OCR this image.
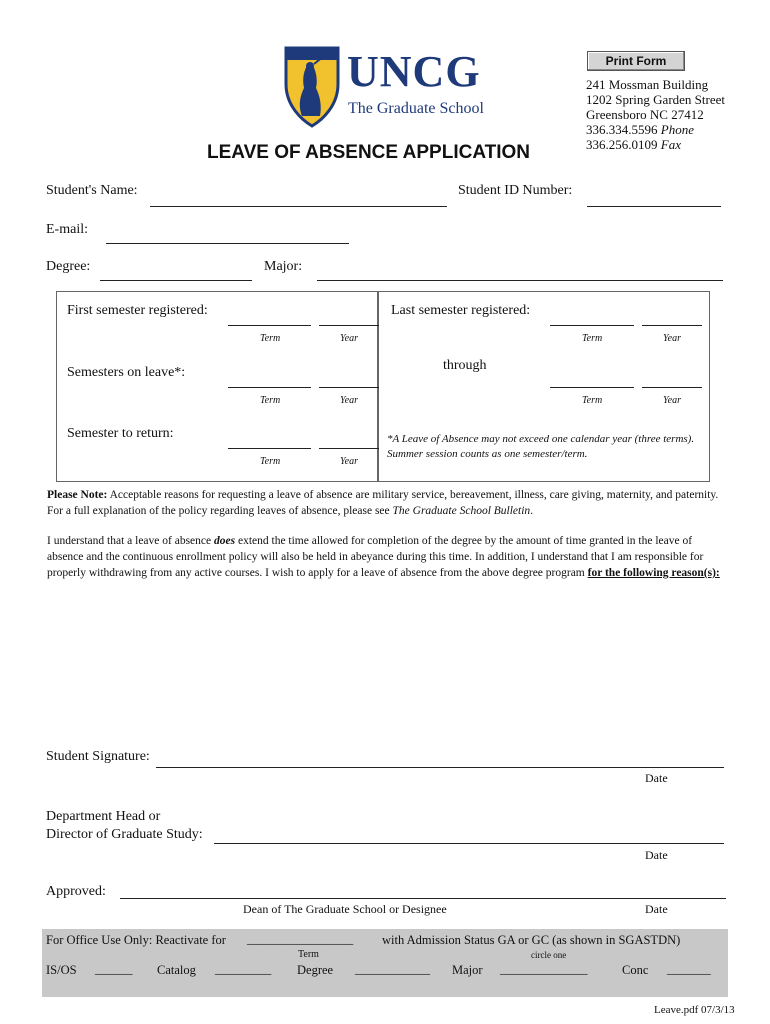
UNCG
The Graduate School
Print Form
241 Mossman Building
1202 Spring Garden Street
Greensboro NC 27412
336.334.5596 Phone
336.256.0109 Fax
LEAVE OF ABSENCE APPLICATION
Student's Name:	Student ID Number:
E-mail:
Degree:	Major:
First semester registered:
Term	Year
Last semester registered:
Term	Year
Semesters on leave*:
Term	Year
through
Term	Year
Semester to return:
Term	Year
*A Leave of Absence may not exceed one calendar year (three terms). Summer session counts as one semester/term.
Please Note: Acceptable reasons for requesting a leave of absence are military service, bereavement, illness, care giving, maternity, and paternity. For a full explanation of the policy regarding leaves of absence, please see The Graduate School Bulletin.
I understand that a leave of absence does extend the time allowed for completion of the degree by the amount of time granted in the leave of absence and the continuous enrollment policy will also be held in abeyance during this time. In addition, I understand that I am responsible for properly withdrawing from any active courses. I wish to apply for a leave of absence from the above degree program for the following reason(s):
Student Signature:
Date
Department Head or
Director of Graduate Study:
Date
Approved:
Dean of The Graduate School or Designee	Date
For Office Use Only: Reactivate for _________________ with Admission Status GA or GC (as shown in SGASTDN)
Term	circle one
IS/OS ______ Catalog _________ Degree ____________ Major ______________	Conc _______
Leave.pdf 07/3/13
